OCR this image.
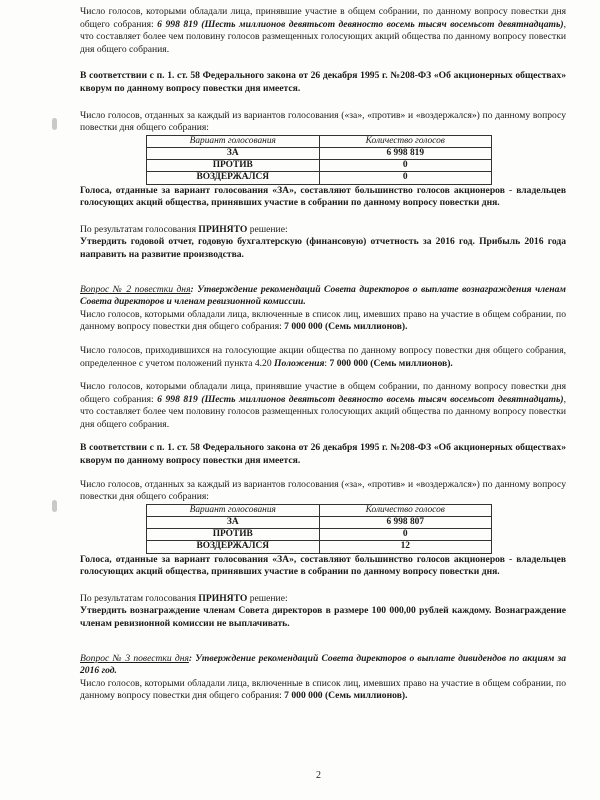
Число голосов, которыми обладали лица, принявшие участие в общем собрании, по данному вопросу повестки дня общего собрания: 6 998 819 (Шесть миллионов девятьсот девяносто восемь тысяч восемьсот девятнадцать), что составляет более чем половину голосов размещенных голосующих акций общества по данному вопросу повестки дня общего собрания.

В соответствии с п. 1. ст. 58 Федерального закона от 26 декабря 1995 г. №208-ФЗ «Об акционерных обществах» кворум по данному вопросу повестки дня имеется.

Число голосов, отданных за каждый из вариантов голосования («за», «против» и «воздержался») по данному вопросу повестки дня общего собрания:

Вариант голосования	Количество голосов
ЗА	6 998 819
ПРОТИВ	0
ВОЗДЕРЖАЛСЯ	0

Голоса, отданные за вариант голосования «ЗА», составляют большинство голосов акционеров - владельцев голосующих акций общества, принявших участие в собрании по данному вопросу повестки дня.

По результатам голосования ПРИНЯТО решение:

Утвердить годовой отчет, годовую бухгалтерскую (финансовую) отчетность за 2016 год. Прибыль 2016 года направить на развитие производства.

Вопрос № 2 повестки дня: Утверждение рекомендаций Совета директоров о выплате вознаграждения членам Совета директоров и членам ревизионной комиссии.

Число голосов, которыми обладали лица, включенные в список лиц, имевших право на участие в общем собрании, по данному вопросу повестки дня общего собрания: 7 000 000 (Семь миллионов).

Число голосов, приходившихся на голосующие акции общества по данному вопросу повестки дня общего собрания, определенное с учетом положений пункта 4.20 Положения: 7 000 000 (Семь миллионов).

Число голосов, которыми обладали лица, принявшие участие в общем собрании, по данному вопросу повестки дня общего собрания: 6 998 819 (Шесть миллионов девятьсот девяносто восемь тысяч восемьсот девятнадцать), что составляет более чем половину голосов размещенных голосующих акций общества по данному вопросу повестки дня общего собрания.

В соответствии с п. 1. ст. 58 Федерального закона от 26 декабря 1995 г. №208-ФЗ «Об акционерных обществах» кворум по данному вопросу повестки дня имеется.

Число голосов, отданных за каждый из вариантов голосования («за», «против» и «воздержался») по данному вопросу повестки дня общего собрания:

Вариант голосования	Количество голосов
ЗА	6 998 807
ПРОТИВ	0
ВОЗДЕРЖАЛСЯ	12

Голоса, отданные за вариант голосования «ЗА», составляют большинство голосов акционеров - владельцев голосующих акций общества, принявших участие в собрании по данному вопросу повестки дня.

По результатам голосования ПРИНЯТО решение:

Утвердить вознаграждение членам Совета директоров в размере 100 000,00 рублей каждому. Вознаграждение членам ревизионной комиссии не выплачивать.

Вопрос № 3 повестки дня: Утверждение рекомендаций Совета директоров о выплате дивидендов по акциям за 2016 год.

Число голосов, которыми обладали лица, включенные в список лиц, имевших право на участие в общем собрании, по данному вопросу повестки дня общего собрания: 7 000 000 (Семь миллионов).

2
